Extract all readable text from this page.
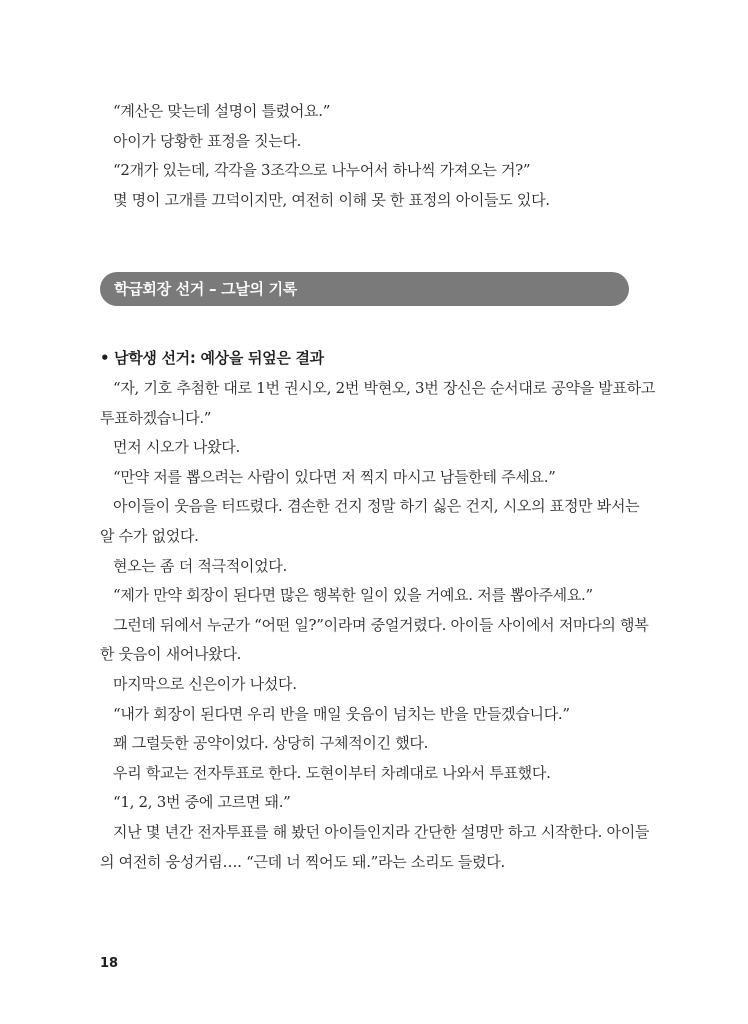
“계산은 맞는데 설명이 틀렸어요.”
아이가 당황한 표정을 짓는다.
“2개가 있는데, 각각을 3조각으로 나누어서 하나씩 가져오는 거?”
몇 명이 고개를 끄덕이지만, 여전히 이해 못 한 표정의 아이들도 있다.
학급회장 선거 – 그날의 기록
• 남학생 선거: 예상을 뒤엎은 결과
“자, 기호 추첨한 대로 1번 권시오, 2번 박현오, 3번 장신은 순서대로 공약을 발표하고
투표하겠습니다.”
먼저 시오가 나왔다.
“만약 저를 뽑으려는 사람이 있다면 저 찍지 마시고 남들한테 주세요.”
아이들이 웃음을 터뜨렸다. 겸손한 건지 정말 하기 싫은 건지, 시오의 표정만 봐서는
알 수가 없었다.
현오는 좀 더 적극적이었다.
“제가 만약 회장이 된다면 많은 행복한 일이 있을 거예요. 저를 뽑아주세요.”
그런데 뒤에서 누군가 “어떤 일?”이라며 중얼거렸다. 아이들 사이에서 저마다의 행복
한 웃음이 새어나왔다.
마지막으로 신은이가 나섰다.
“내가 회장이 된다면 우리 반을 매일 웃음이 넘치는 반을 만들겠습니다.”
꽤 그럴듯한 공약이었다. 상당히 구체적이긴 했다.
우리 학교는 전자투표로 한다. 도현이부터 차례대로 나와서 투표했다.
“1, 2, 3번 중에 고르면 돼.”
지난 몇 년간 전자투표를 해 봤던 아이들인지라 간단한 설명만 하고 시작한다. 아이들
의 여전히 웅성거림…. “근데 너 찍어도 돼.”라는 소리도 들렸다.
18
